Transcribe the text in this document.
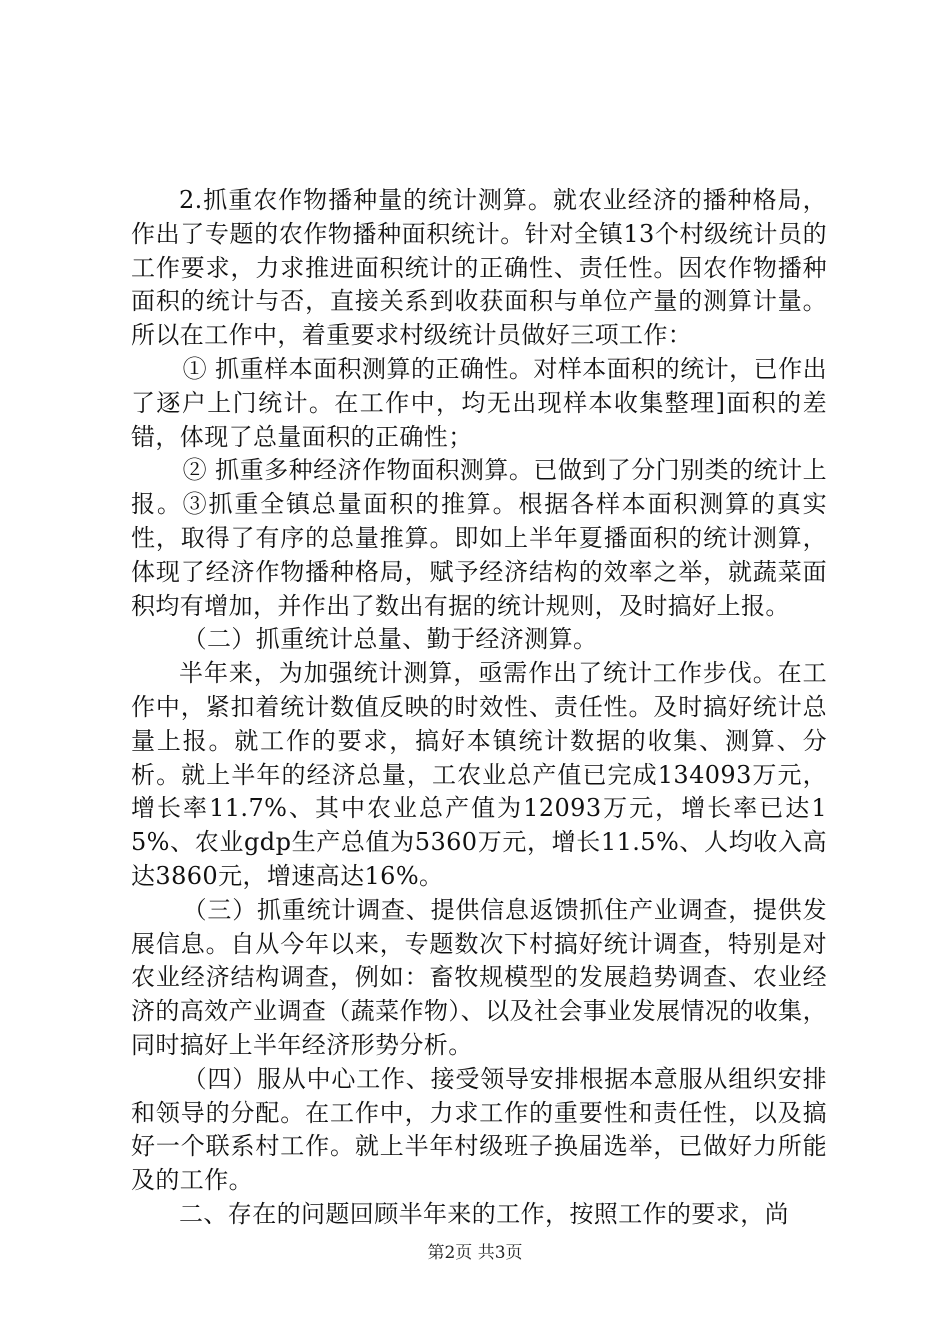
2.抓重农作物播种量的统计测算。就农业经济的播种格局，作出了专题的农作物播种面积统计。针对全镇13个村级统计员的工作要求，力求推进面积统计的正确性、责任性。因农作物播种面积的统计与否，直接关系到收获面积与单位产量的测算计量。所以在工作中，着重要求村级统计员做好三项工作：

① 抓重样本面积测算的正确性。对样本面积的统计，已作出了逐户上门统计。在工作中，均无出现样本收集整理]面积的差错，体现了总量面积的正确性；

② 抓重多种经济作物面积测算。已做到了分门别类的统计上报。③抓重全镇总量面积的推算。根据各样本面积测算的真实性，取得了有序的总量推算。即如上半年夏播面积的统计测算，体现了经济作物播种格局，赋予经济结构的效率之举，就蔬菜面积均有增加，并作出了数出有据的统计规则，及时搞好上报。

（二）抓重统计总量、勤于经济测算。

半年来，为加强统计测算，亟需作出了统计工作步伐。在工作中，紧扣着统计数值反映的时效性、责任性。及时搞好统计总量上报。就工作的要求，搞好本镇统计数据的收集、测算、分析。就上半年的经济总量，工农业总产值已完成134093万元，增长率11.7%、其中农业总产值为12093万元，增长率已达15%、农业gdp生产总值为5360万元，增长11.5%、人均收入高达3860元，增速高达16%。

（三）抓重统计调查、提供信息返馈抓住产业调查，提供发展信息。自从今年以来，专题数次下村搞好统计调查，特别是对农业经济结构调查，例如：畜牧规模型的发展趋势调查、农业经济的高效产业调查（蔬菜作物）、以及社会事业发展情况的收集，同时搞好上半年经济形势分析。

（四）服从中心工作、接受领导安排根据本意服从组织安排和领导的分配。在工作中，力求工作的重要性和责任性，以及搞好一个联系村工作。就上半年村级班子换届选举，已做好力所能及的工作。

二、存在的问题回顾半年来的工作，按照工作的要求，尚

第2页 共3页
